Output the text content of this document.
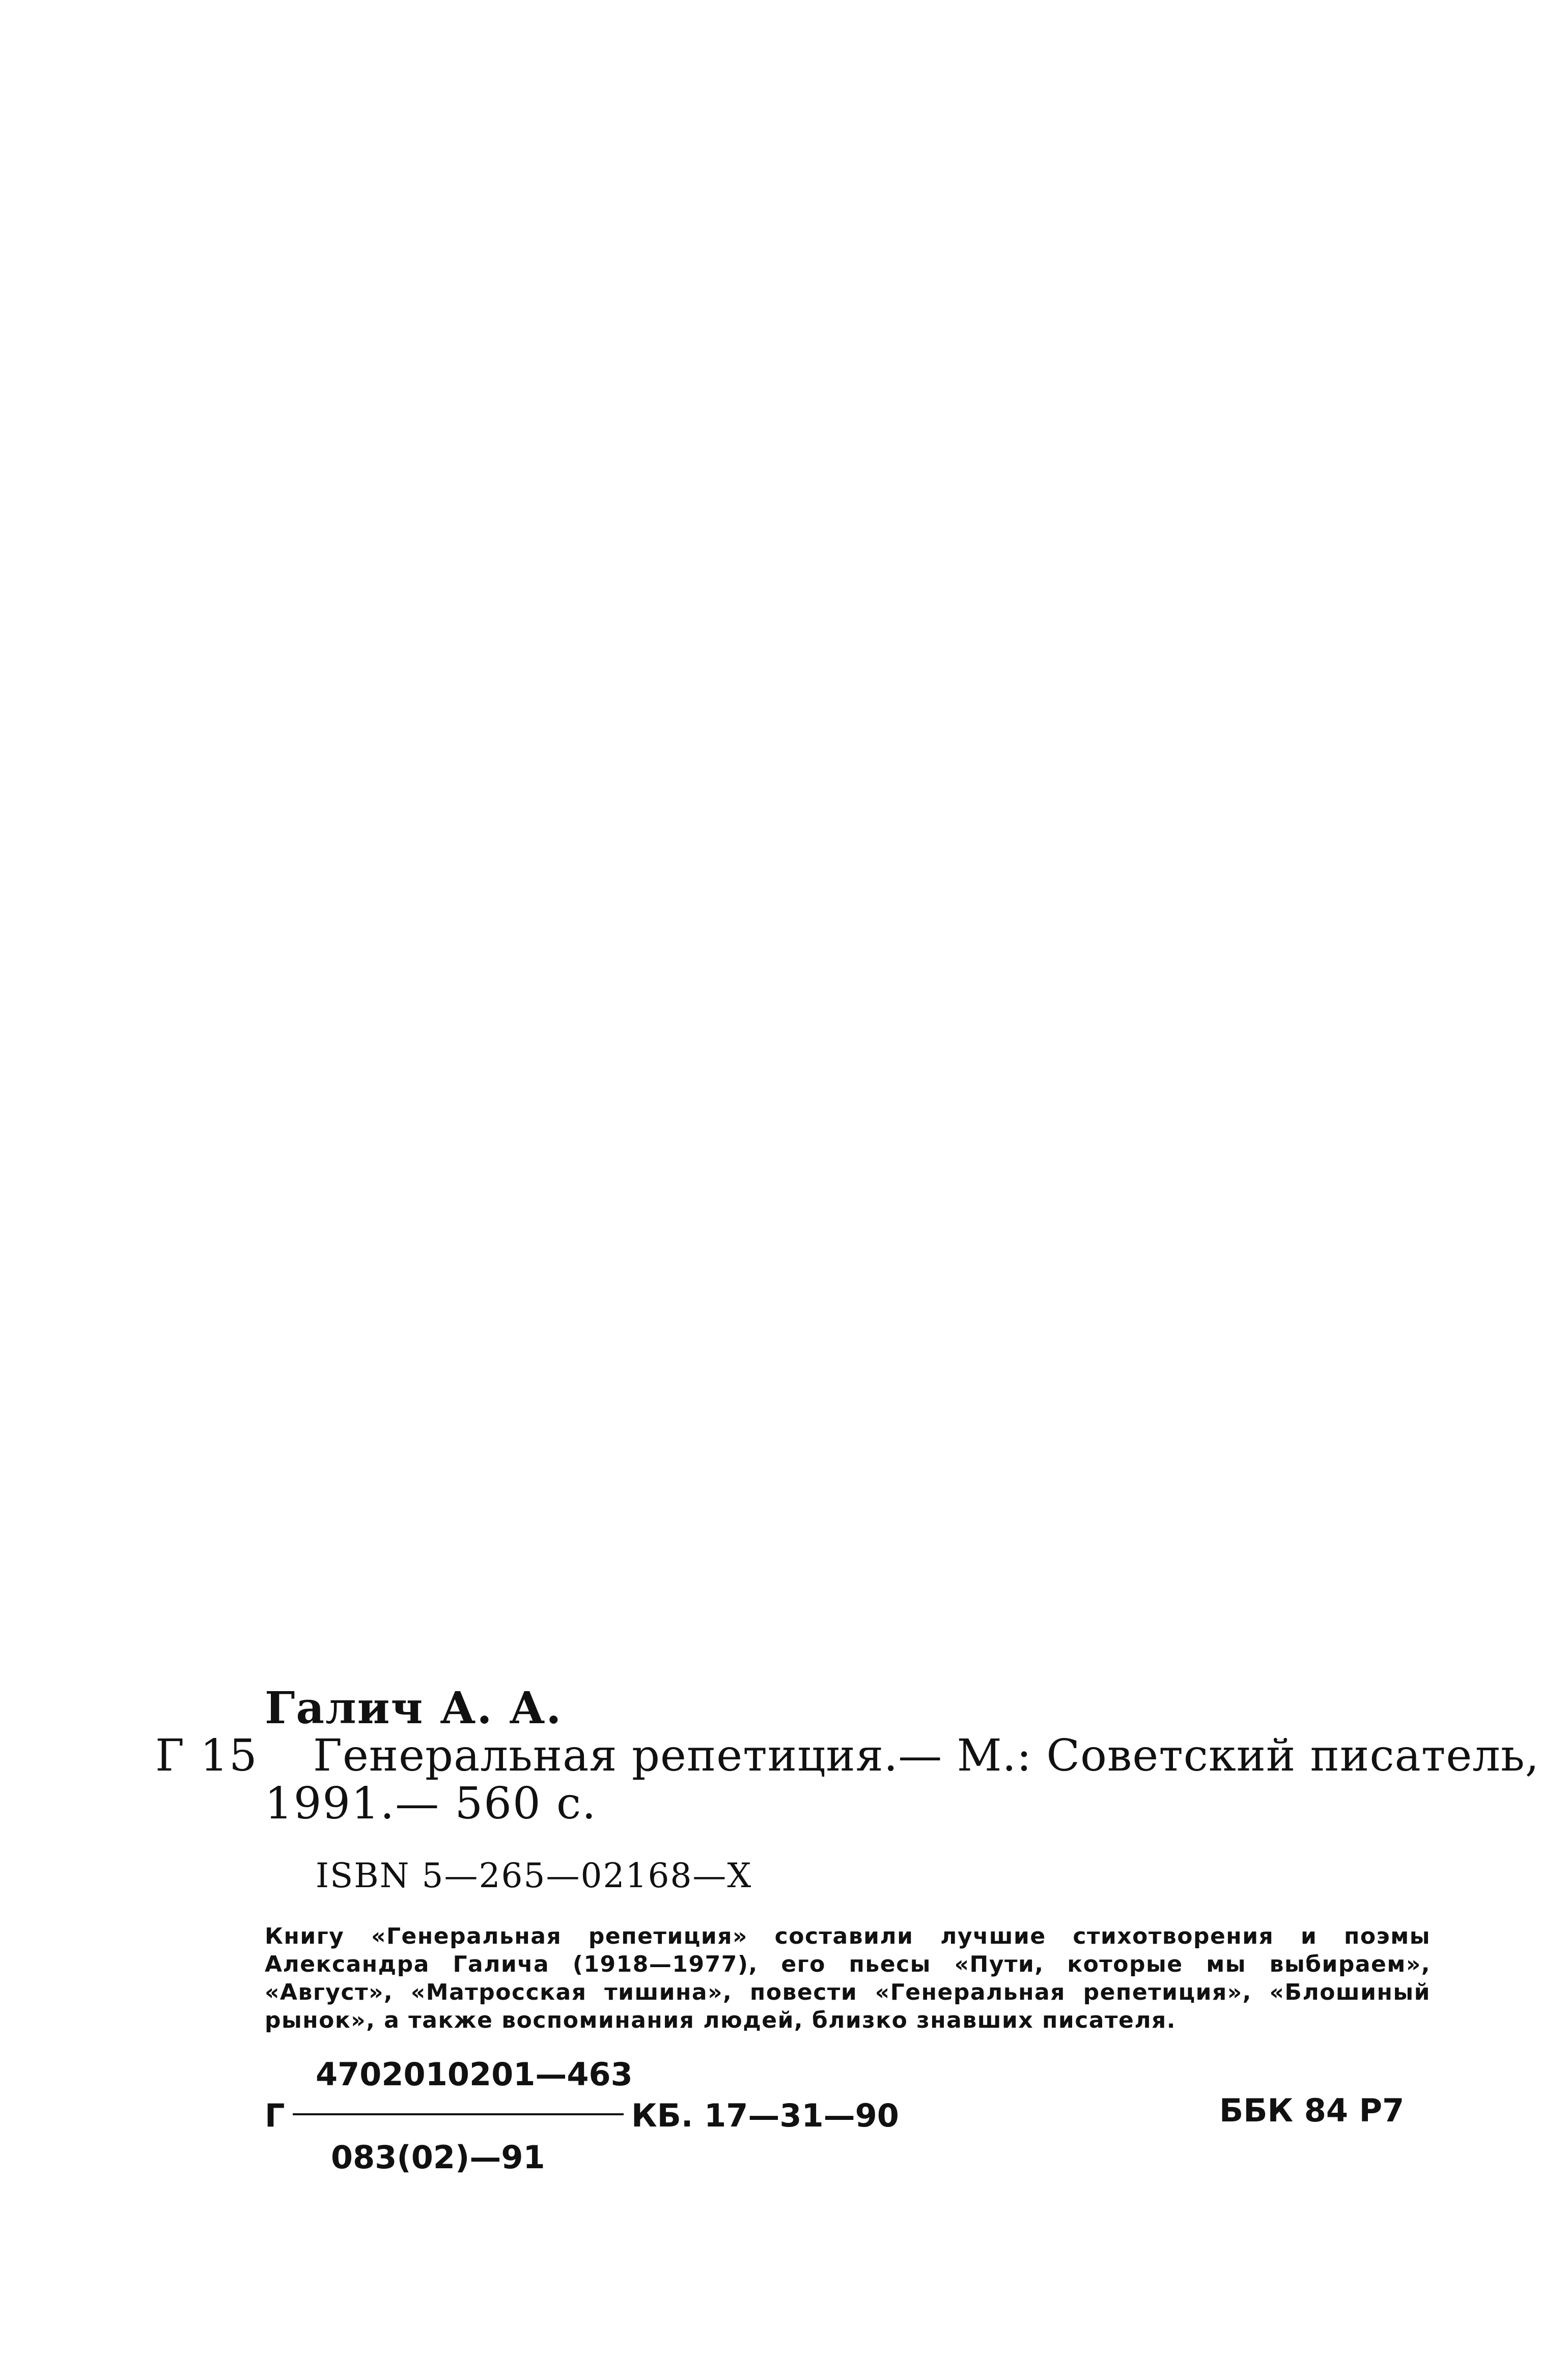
Галич А. А.
Г 15 Генеральная репетиция.— М.: Советский писатель,
1991.— 560 с.
ISBN 5—265—02168—X
Книгу «Генеральная репетиция» составили лучшие стихотворения и поэмы Александра Галича (1918—1977), его пьесы «Пути, которые мы выбираем», «Август», «Матросская тишина», повести «Генеральная репетиция», «Блошиный рынок», а также воспоминания людей, близко знавших писателя.
4702010201—463
Г	КБ. 17—31—90
083(02)—91
ББК 84 Р7
